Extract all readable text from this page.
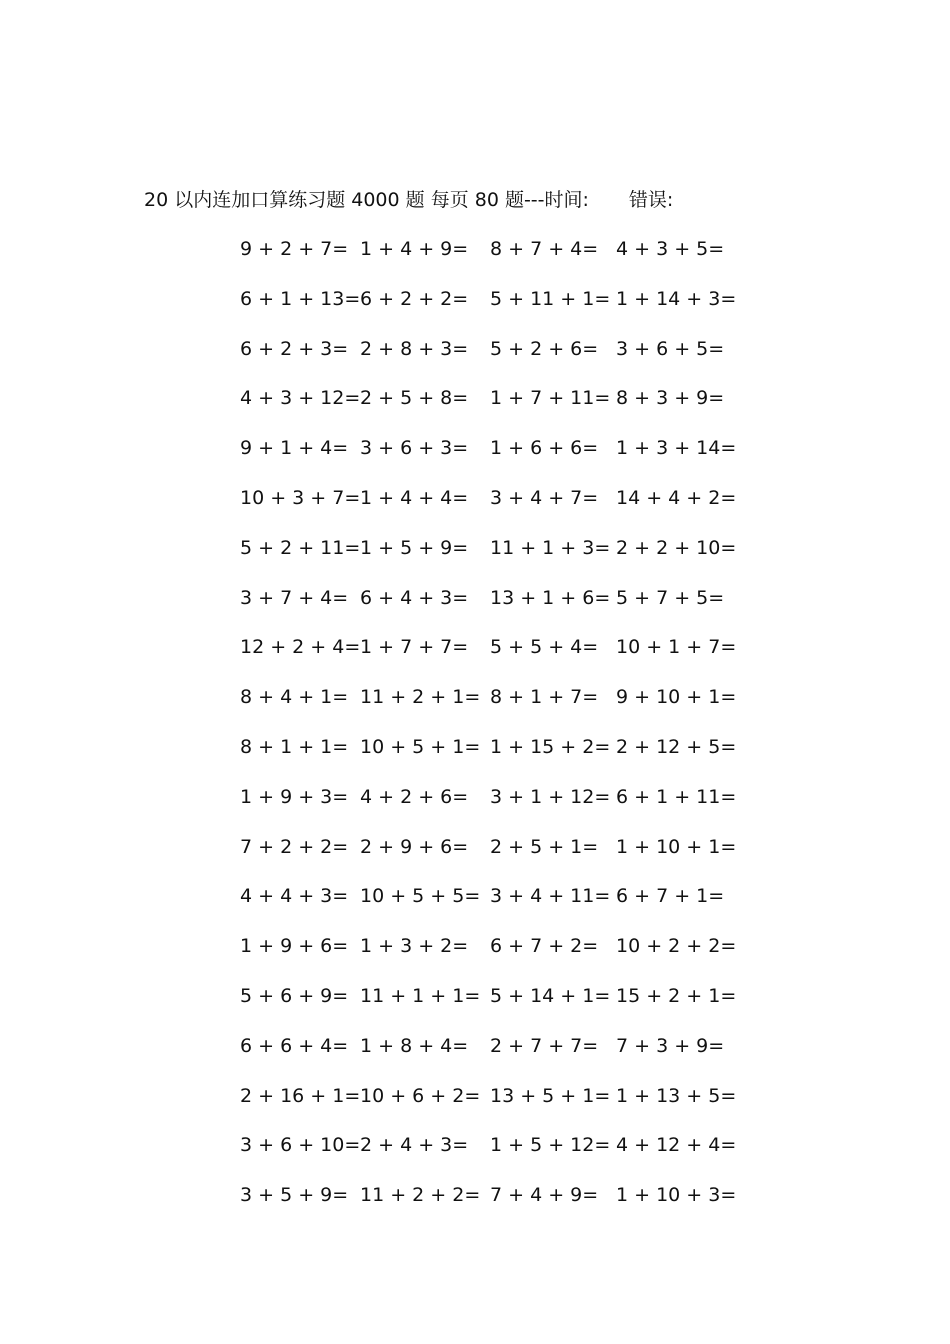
20 以内连加口算练习题 4000 题 每页 80 题---时间: 错误:
9 + 2 + 7= 1 + 4 + 9= 8 + 7 + 4= 4 + 3 + 5=
6 + 1 + 13= 6 + 2 + 2= 5 + 11 + 1= 1 + 14 + 3=
6 + 2 + 3= 2 + 8 + 3= 5 + 2 + 6= 3 + 6 + 5=
4 + 3 + 12= 2 + 5 + 8= 1 + 7 + 11= 8 + 3 + 9=
9 + 1 + 4= 3 + 6 + 3= 1 + 6 + 6= 1 + 3 + 14=
10 + 3 + 7= 1 + 4 + 4= 3 + 4 + 7= 14 + 4 + 2=
5 + 2 + 11= 1 + 5 + 9= 11 + 1 + 3= 2 + 2 + 10=
3 + 7 + 4= 6 + 4 + 3= 13 + 1 + 6= 5 + 7 + 5=
12 + 2 + 4= 1 + 7 + 7= 5 + 5 + 4= 10 + 1 + 7=
8 + 4 + 1= 11 + 2 + 1= 8 + 1 + 7= 9 + 10 + 1=
8 + 1 + 1= 10 + 5 + 1= 1 + 15 + 2= 2 + 12 + 5=
1 + 9 + 3= 4 + 2 + 6= 3 + 1 + 12= 6 + 1 + 11=
7 + 2 + 2= 2 + 9 + 6= 2 + 5 + 1= 1 + 10 + 1=
4 + 4 + 3= 10 + 5 + 5= 3 + 4 + 11= 6 + 7 + 1=
1 + 9 + 6= 1 + 3 + 2= 6 + 7 + 2= 10 + 2 + 2=
5 + 6 + 9= 11 + 1 + 1= 5 + 14 + 1= 15 + 2 + 1=
6 + 6 + 4= 1 + 8 + 4= 2 + 7 + 7= 7 + 3 + 9=
2 + 16 + 1= 10 + 6 + 2= 13 + 5 + 1= 1 + 13 + 5=
3 + 6 + 10= 2 + 4 + 3= 1 + 5 + 12= 4 + 12 + 4=
3 + 5 + 9= 11 + 2 + 2= 7 + 4 + 9= 1 + 10 + 3=
